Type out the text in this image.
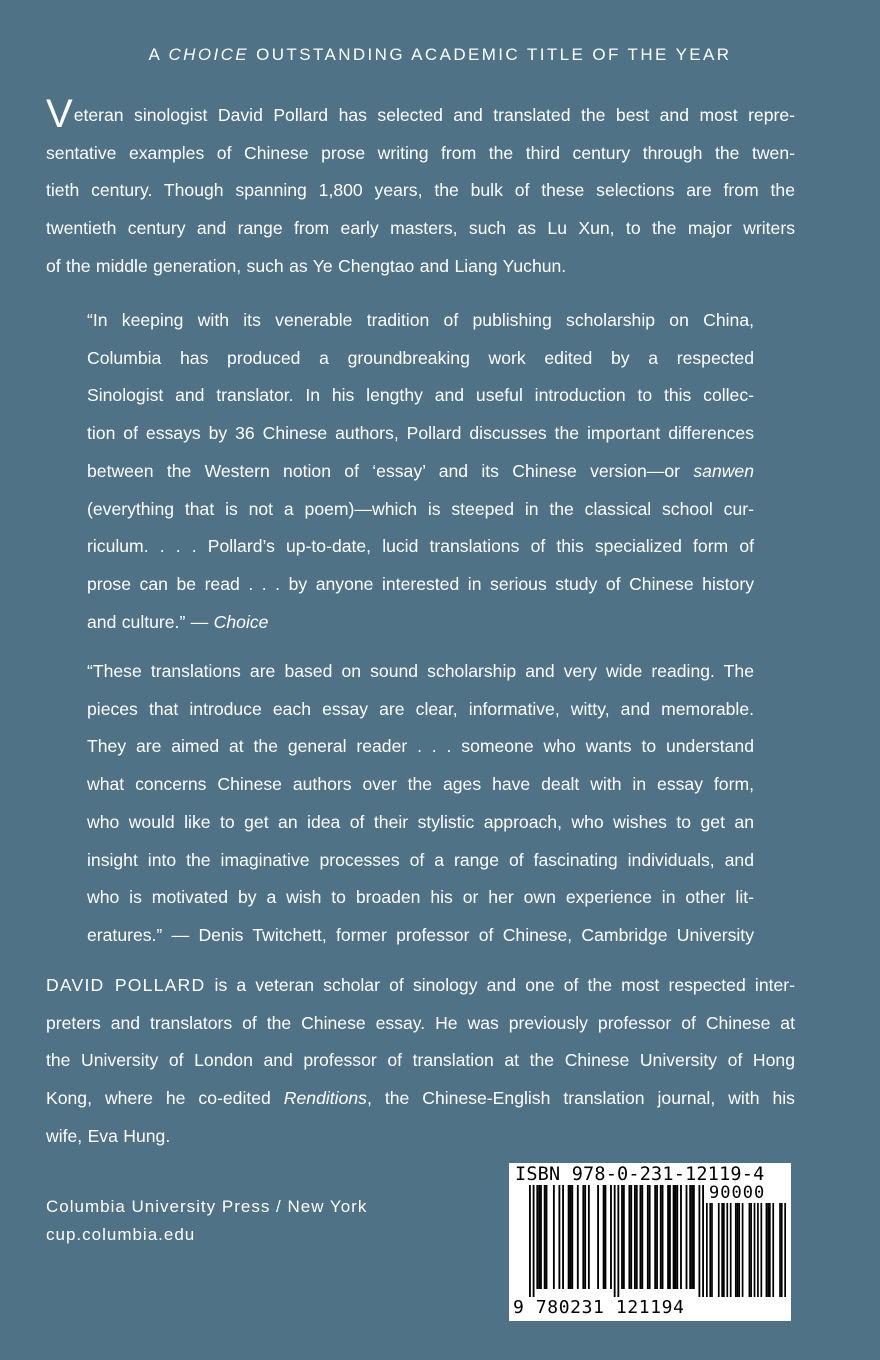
A CHOICE OUTSTANDING ACADEMIC TITLE OF THE YEAR
Veteran sinologist David Pollard has selected and translated the best and most repre-
sentative examples of Chinese prose writing from the third century through the twen-
tieth century. Though spanning 1,800 years, the bulk of these selections are from the
twentieth century and range from early masters, such as Lu Xun, to the major writers
of the middle generation, such as Ye Chengtao and Liang Yuchun.
“In keeping with its venerable tradition of publishing scholarship on China,
Columbia has produced a groundbreaking work edited by a respected
Sinologist and translator. In his lengthy and useful introduction to this collec-
tion of essays by 36 Chinese authors, Pollard discusses the important differences
between the Western notion of ‘essay’ and its Chinese version—or sanwen
(everything that is not a poem)—which is steeped in the classical school cur-
riculum. . . . Pollard’s up-to-date, lucid translations of this specialized form of
prose can be read . . . by anyone interested in serious study of Chinese history
and culture.” — Choice
“These translations are based on sound scholarship and very wide reading. The
pieces that introduce each essay are clear, informative, witty, and memorable.
They are aimed at the general reader . . . someone who wants to understand
what concerns Chinese authors over the ages have dealt with in essay form,
who would like to get an idea of their stylistic approach, who wishes to get an
insight into the imaginative processes of a range of fascinating individuals, and
who is motivated by a wish to broaden his or her own experience in other lit-
eratures.” — Denis Twitchett, former professor of Chinese, Cambridge University
DAVID POLLARD is a veteran scholar of sinology and one of the most respected inter-
preters and translators of the Chinese essay. He was previously professor of Chinese at
the University of London and professor of translation at the Chinese University of Hong
Kong, where he co-edited Renditions, the Chinese-English translation journal, with his
wife, Eva Hung.
Columbia University Press / New York
cup.columbia.edu
ISBN 978-0-231-12119-4
90000
9 780231 121194
